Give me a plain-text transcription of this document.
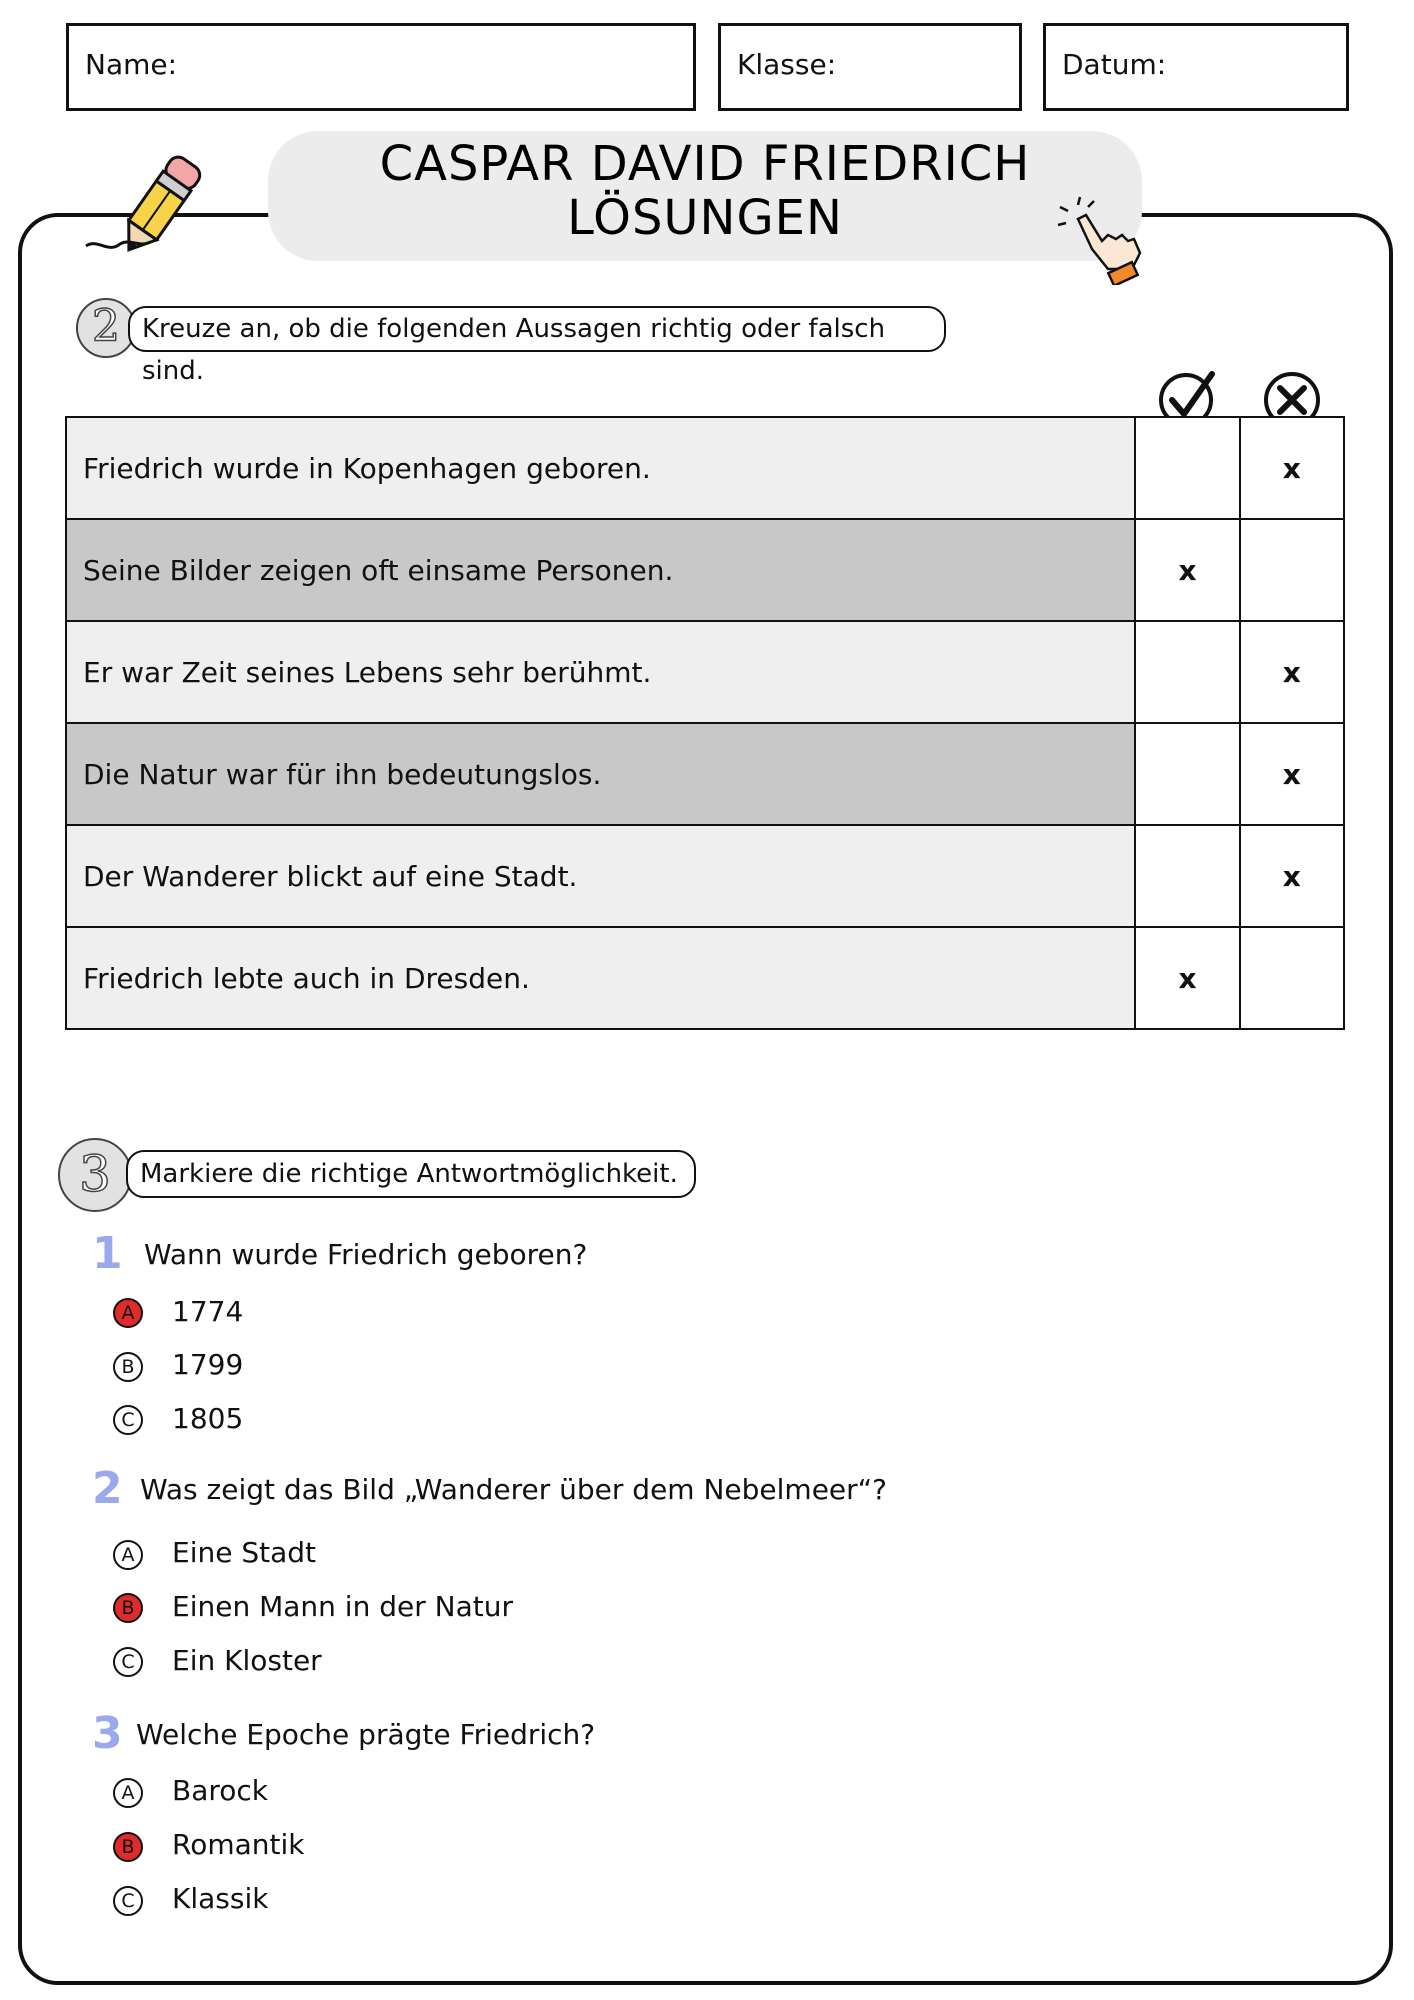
Name:	Klasse:	Datum:
CASPAR DAVID FRIEDRICH
LÖSUNGEN
2 Kreuze an, ob die folgenden Aussagen richtig oder falsch sind.
Friedrich wurde in Kopenhagen geboren.		x
Seine Bilder zeigen oft einsame Personen.	x	
Er war Zeit seines Lebens sehr berühmt.		x
Die Natur war für ihn bedeutungslos.		x
Der Wanderer blickt auf eine Stadt.		x
Friedrich lebte auch in Dresden.	x	
3	Markiere die richtige Antwortmöglichkeit.
1 Wann wurde Friedrich geboren?
A	1774
B	1799
C 1805
2 Was zeigt das Bild „Wanderer über dem Nebelmeer“?
A	Eine Stadt
B	Einen Mann in der Natur
C Ein Kloster
3 Welche Epoche prägte Friedrich?
A	Barock
B	Romantik
C Klassik
